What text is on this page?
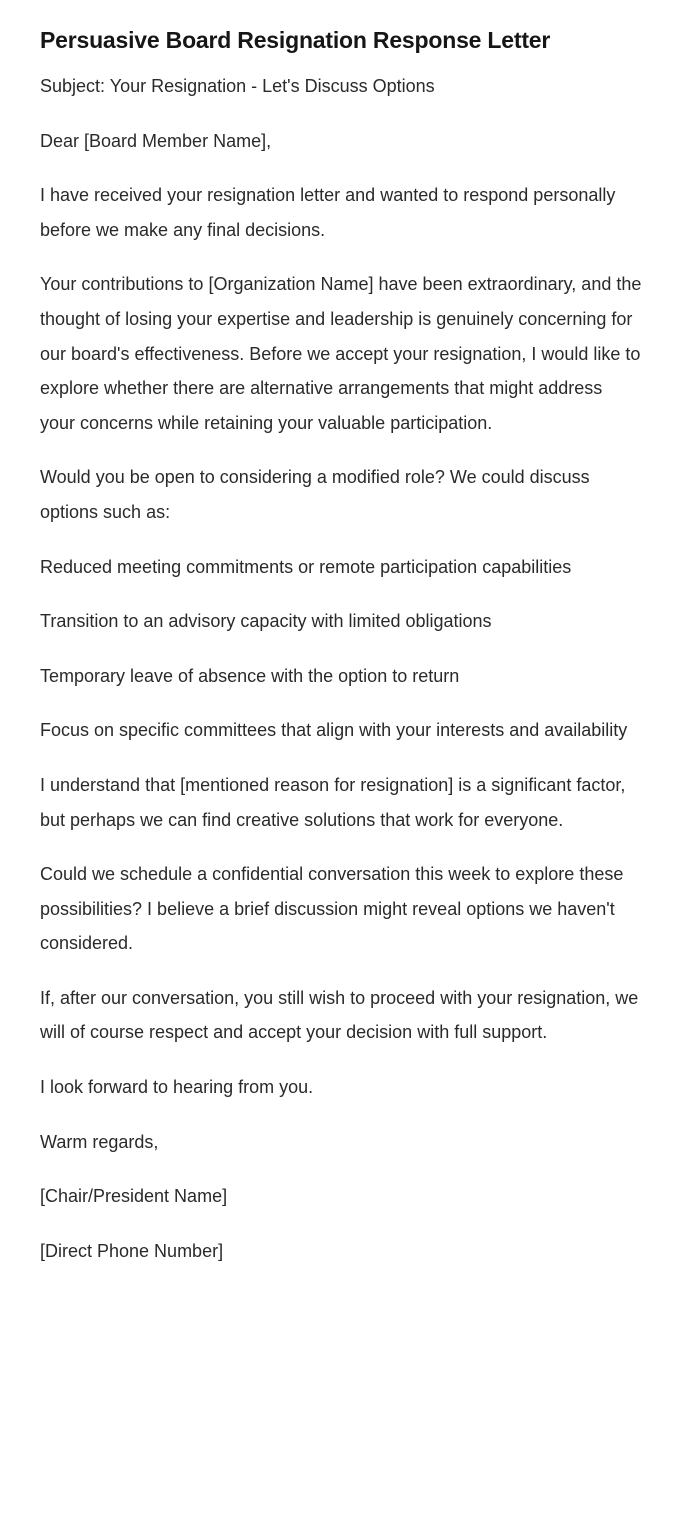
Persuasive Board Resignation Response Letter

Subject: Your Resignation - Let's Discuss Options

Dear [Board Member Name],

I have received your resignation letter and wanted to respond personally before we make any final decisions.

Your contributions to [Organization Name] have been extraordinary, and the thought of losing your expertise and leadership is genuinely concerning for our board's effectiveness. Before we accept your resignation, I would like to explore whether there are alternative arrangements that might address your concerns while retaining your valuable participation.

Would you be open to considering a modified role? We could discuss options such as:

Reduced meeting commitments or remote participation capabilities

Transition to an advisory capacity with limited obligations

Temporary leave of absence with the option to return

Focus on specific committees that align with your interests and availability

I understand that [mentioned reason for resignation] is a significant factor, but perhaps we can find creative solutions that work for everyone.

Could we schedule a confidential conversation this week to explore these possibilities? I believe a brief discussion might reveal options we haven't considered.

If, after our conversation, you still wish to proceed with your resignation, we will of course respect and accept your decision with full support.

I look forward to hearing from you.

Warm regards,

[Chair/President Name]

[Direct Phone Number]
